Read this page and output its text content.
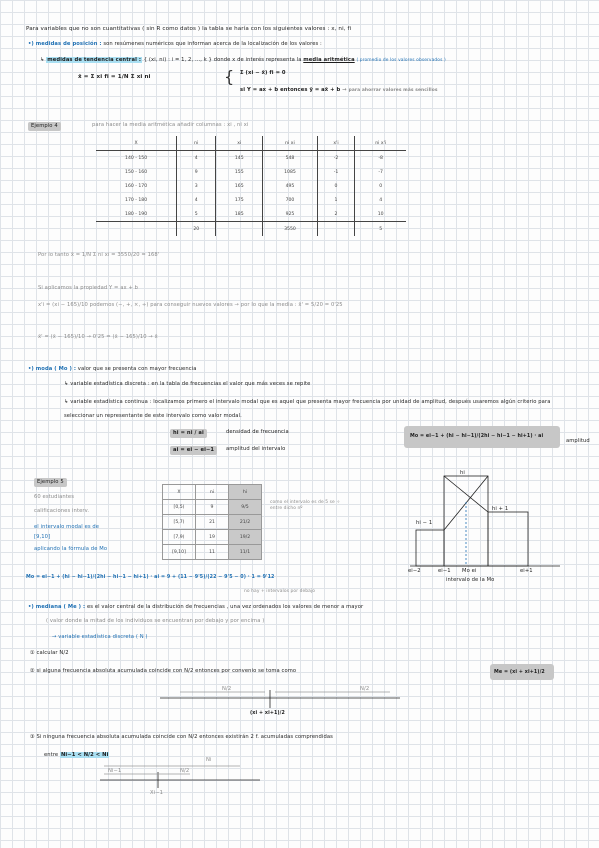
Para variables que no son cuantitativas ( sin R como datos ) la tabla se haría con los siguientes valores : x, ni, fi
•) medidas de posición : son resúmenes numéricos que informan acerca de la localización de los valores :
↳ medidas de tendencia central : { (xi, ni) : i = 1, 2, ..., k } donde x de interés representa la media aritmética ( promedio de los valores observados )
x̄ = Σ xi fi = 1/N Σ xi ni	{ Σ (xi − x̄) fi = 0
si Y = ax + b entonces ȳ = ax̄ + b → para ahorrar valores más sencillos
Ejemplo 4	para hacer la media aritmética añadir columnas : xi , ni xi
X	ni	xi	ni xi	x'i	ni x'i
140 - 150	4	145	548	-2	-8
150 - 160	9	155	1085	-1	-7
160 - 170	3	165	495	0	0
170 - 180	4	175	700	1	4
180 - 190	5	185	925	2	10
	20		3550		5
Por lo tanto x̄ = 1/N Σ ni xi = 3550/20 = 168'
Si aplicamos la propiedad Y = ax + b
x'i = (xi − 165)/10 podemos (−, +, ×, ÷) para conseguir nuevos valores → por lo que la media : x̄' = 5/20 = 0'25
x̄' = (x̄ − 165)/10 → 0'25 = (x̄ − 165)/10 → x̄
•) moda ( Mo ) : valor que se presenta con mayor frecuencia
↳ variable estadística discreta : en la tabla de frecuencias el valor que más veces se repite
↳ variable estadística continua : localizamos primero el intervalo modal que es aquel que presenta mayor frecuencia por unidad de amplitud, después usaremos algún criterio para seleccionar un representante de este intervalo como valor modal.
hi = ni / ai	densidad de frecuencia
ai = ei − ei−1	amplitud del intervalo
Mo = ei−1 + (hi − hi−1)/(2hi − hi−1 − hi+1) · ai
amplitud
Ejemplo 5
60 estudiantes
calificaciones interv.
el intervalo modal es de
[9,10]
aplicando la fórmula de Mo
X	ni	hi
[0,5)	9	9/5
[5,7)	21	21/2
[7,9)	19	19/2
[9,10]	11	11/1
como el intervalo es de 5 se ÷ entre dicho nº
hi
hi − 1
hi + 1
ei−2	ei−1 Mo ei	ei+1
intervalo de la Mo
Mo = ei−1 + (hi − hi−1)/(2hi − hi−1 − hi+1) · ai = 9 + (11 − 9'5)/(22 − 9'5 − 0) · 1 = 9'12
no hay + intervalos por debajo
•) mediana ( Me ) : es el valor central de la distribución de frecuencias , una vez ordenados los valores de menor a mayor
( valor donde la mitad de los individuos se encuentran por debajo y por encima )
→ variable estadística discreta ( N )
① calcular N/2
② si alguna frecuencia absoluta acumulada coincide con N/2 entonces por convenio se toma como	Me = (xi + xi+1)/2
N/2	N/2
(xi + xi+1)/2
③ Si ninguna frecuencia absoluta acumulada coincide con N/2 entonces existirán 2 f. acumuladas comprendidas
entre Ni−1 < N/2 < Ni
Ni
Ni−1	N/2
Xi−1
